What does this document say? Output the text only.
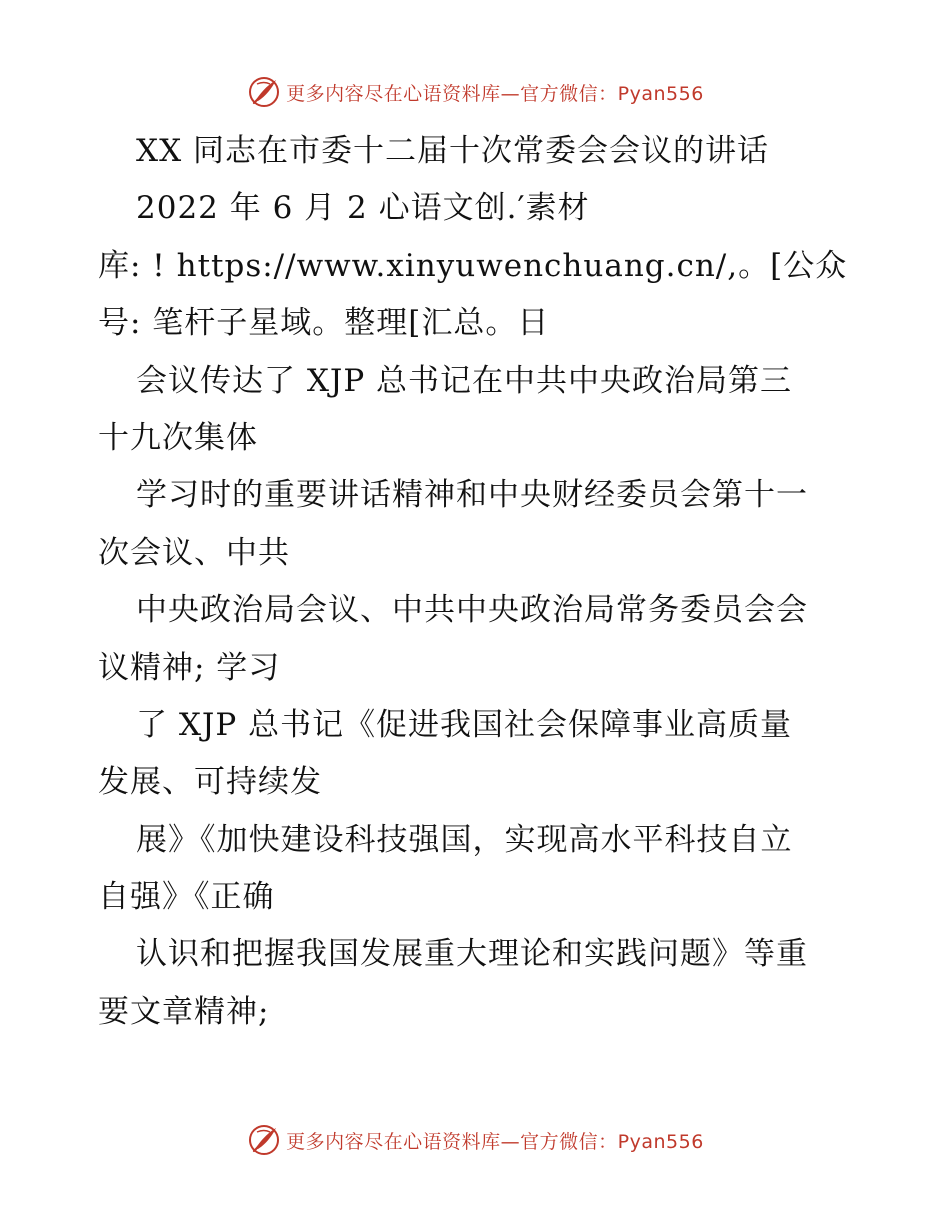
更多内容尽在心语资料库—官方微信：Pyan556
XX 同志在市委十二届十次常委会会议的讲话
2022 年 6 月 2 心语文创.′素材
库: ! https://www.xinyuwenchuang.cn/,。[公众
号: 笔杆子星域。整理[汇总。日
会议传达了 XJP 总书记在中共中央政治局第三
十九次集体
学习时的重要讲话精神和中央财经委员会第十一
次会议、中共
中央政治局会议、中共中央政治局常务委员会会
议精神; 学习
了 XJP 总书记《促进我国社会保障事业高质量
发展、可持续发
展》《加快建设科技强国，实现高水平科技自立
自强》《正确
认识和把握我国发展重大理论和实践问题》等重
要文章精神;
更多内容尽在心语资料库—官方微信：Pyan556
